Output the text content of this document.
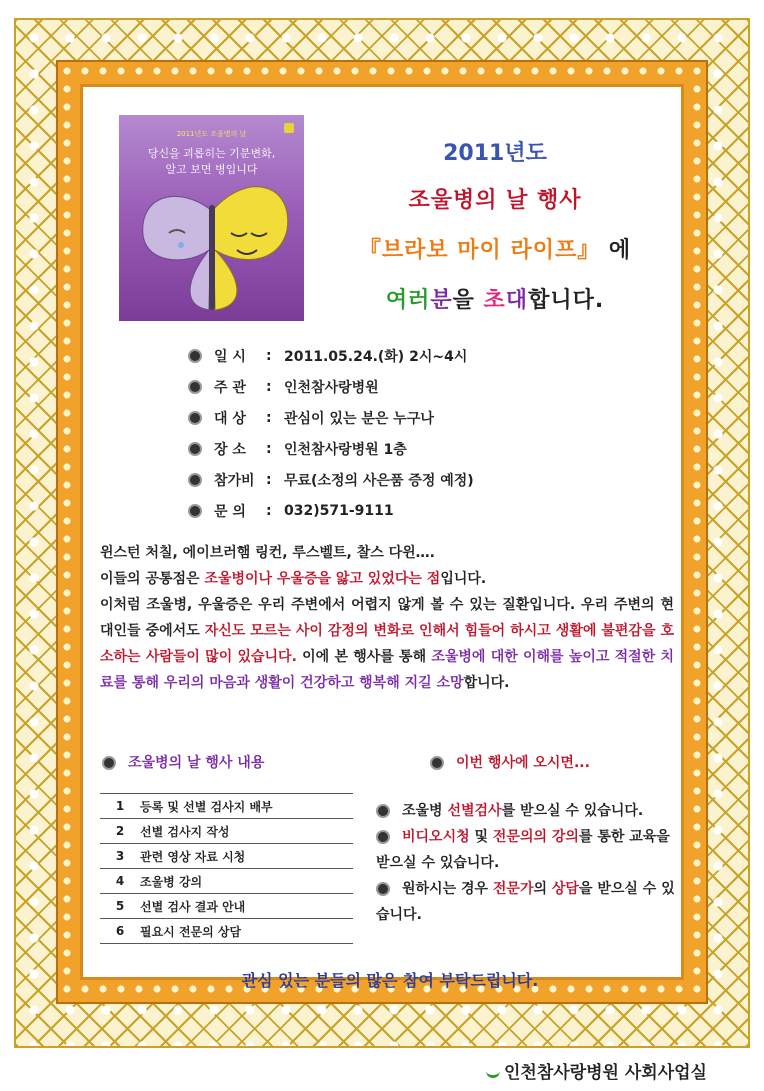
2011년도 조울병의 날
당신을 괴롭히는 기분변화,
알고 보면 병입니다
2011년도
조울병의 날 행사
『브라보 마이 라이프』 에
여러분을 초대합니다.
일 시 : 2011.05.24.(화) 2시~4시
주 관 : 인천참사랑병원
대 상 : 관심이 있는 분은 누구나
장 소 : 인천참사랑병원 1층
참가비 : 무료(소정의 사은품 증정 예정)
문 의 : 032)571-9111
윈스턴 처칠, 에이브러햄 링컨, 루스벨트, 찰스 다윈….
이들의 공통점은 조울병이나 우울증을 앓고 있었다는 점입니다.
이처럼 조울병, 우울증은 우리 주변에서 어렵지 않게 볼 수 있는 질환입니다. 우리 주변의 현대인들 중에서도 자신도 모르는 사이 감정의 변화로 인해서 힘들어 하시고 생활에 불편감을 호소하는 사람들이 많이 있습니다. 이에 본 행사를 통해 조울병에 대한 이해를 높이고 적절한 치료를 통해 우리의 마음과 생활이 건강하고 행복해 지길 소망합니다.
조울병의 날 행사 내용	이번 행사에 오시면...
1	등록 및 선별 검사지 배부
2	선별 검사지 작성
3	관련 영상 자료 시청
4	조울병 강의
5	선별 검사 결과 안내
6	필요시 전문의 상담

조울병 선별검사를 받으실 수 있습니다.

비디오시청 및 전문의의 강의를 통한 교육을 받으실 수 있습니다.

원하시는 경우 전문가의 상담을 받으실 수 있습니다.

관심 있는 분들의 많은 참여 부탁드립니다.
인천참사랑병원 사회사업실
